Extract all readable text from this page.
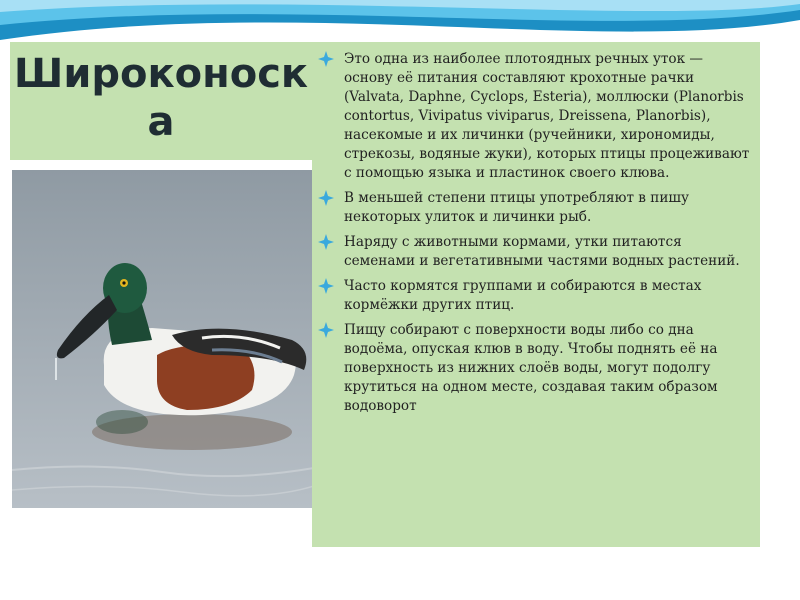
Широконоска
Это одна из наиболее плотоядных речных уток — основу её питания составляют крохотные рачки (Valvata, Daphne, Cyclops, Esteria), моллюски (Planorbis contortus, Vivipatus viviparus, Dreissena, Planorbis), насекомые и их личинки (ручейники, хирономиды, стрекозы, водяные жуки), которых птицы процеживают с помощью языка и пластинок своего клюва.
В меньшей степени птицы употребляют в пишу некоторых улиток и личинки рыб.
Наряду с животными кормами, утки питаются семенами и вегетативными частями водных растений.
Часто кормятся группами и собираются в местах кормёжки других птиц.
Пищу собирают с поверхности воды либо со дна водоёма, опуская клюв в воду. Чтобы поднять её на поверхность из нижних слоёв воды, могут подолгу крутиться на одном месте, создавая таким образом водоворот
